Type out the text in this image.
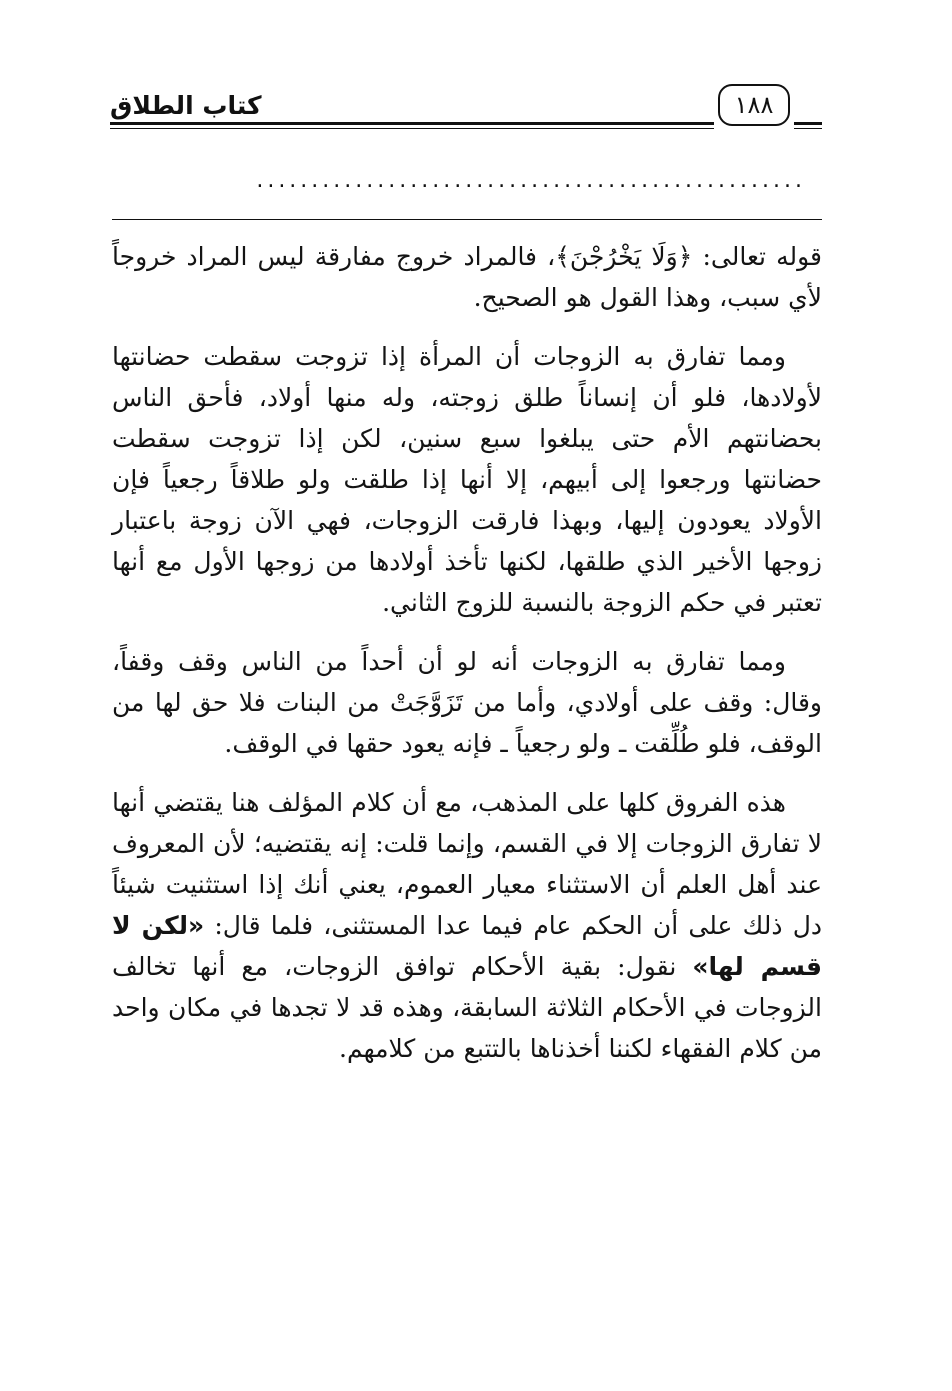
كتاب الطلاق	١٨٨
..................................................

قوله تعالى: ﴿وَلَا يَخْرُجْنَ﴾، فالمراد خروج مفارقة ليس المراد خروجاً لأي سبب، وهذا القول هو الصحيح.

ومما تفارق به الزوجات أن المرأة إذا تزوجت سقطت حضانتها لأولادها، فلو أن إنساناً طلق زوجته، وله منها أولاد، فأحق الناس بحضانتهم الأم حتى يبلغوا سبع سنين، لكن إذا تزوجت سقطت حضانتها ورجعوا إلى أبيهم، إلا أنها إذا طلقت ولو طلاقاً رجعياً فإن الأولاد يعودون إليها، وبهذا فارقت الزوجات، فهي الآن زوجة باعتبار زوجها الأخير الذي طلقها، لكنها تأخذ أولادها من زوجها الأول مع أنها تعتبر في حكم الزوجة بالنسبة للزوج الثاني.

ومما تفارق به الزوجات أنه لو أن أحداً من الناس وقف وقفاً، وقال: وقف على أولادي، وأما من تَزَوَّجَتْ من البنات فلا حق لها من الوقف، فلو طُلِّقت ـ ولو رجعياً ـ فإنه يعود حقها في الوقف.

هذه الفروق كلها على المذهب، مع أن كلام المؤلف هنا يقتضي أنها لا تفارق الزوجات إلا في القسم، وإنما قلت: إنه يقتضيه؛ لأن المعروف عند أهل العلم أن الاستثناء معيار العموم، يعني أنك إذا استثنيت شيئاً دل ذلك على أن الحكم عام فيما عدا المستثنى، فلما قال: «لكن لا قسم لها» نقول: بقية الأحكام توافق الزوجات، مع أنها تخالف الزوجات في الأحكام الثلاثة السابقة، وهذه قد لا تجدها في مكان واحد من كلام الفقهاء لكننا أخذناها بالتتبع من كلامهم.
